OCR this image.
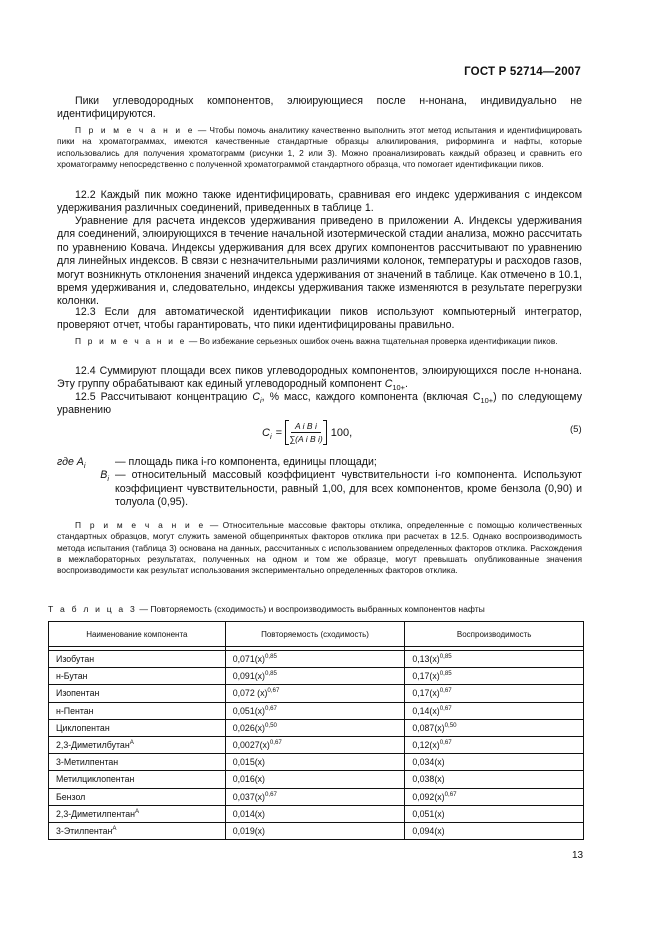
ГОСТ Р 52714—2007
Пики углеводородных компонентов, элюирующиеся после н-нонана, индивидуально не идентифицируются.
П р и м е ч а н и е — Чтобы помочь аналитику качественно выполнить этот метод испытания и идентифицировать пики на хроматограммах, имеются качественные стандартные образцы алкилирования, риформинга и нафты, которые использовались для получения хроматограмм (рисунки 1, 2 или 3). Можно проанализировать каждый образец и сравнить его хроматограмму непосредственно с полученной хроматограммой стандартного образца, что помогает идентификации пиков.
12.2 Каждый пик можно также идентифицировать, сравнивая его индекс удерживания с индексом удерживания различных соединений, приведенных в таблице 1.
Уравнение для расчета индексов удерживания приведено в приложении А. Индексы удерживания для соединений, элюирующихся в течение начальной изотермической стадии анализа, можно рассчитать по уравнению Ковача. Индексы удерживания для всех других компонентов рассчитывают по уравнению для линейных индексов. В связи с незначительными различиями колонок, температуры и расходов газов, могут возникнуть отклонения значений индекса удерживания от значений в таблице. Как отмечено в 10.1, время удерживания и, следовательно, индексы удерживания также изменяются в результате перегрузки колонки.
12.3 Если для автоматической идентификации пиков используют компьютерный интегратор, проверяют отчет, чтобы гарантировать, что пики идентифицированы правильно.
П р и м е ч а н и е — Во избежание серьезных ошибок очень важна тщательная проверка идентификации пиков.
12.4 Суммируют площади всех пиков углеводородных компонентов, элюирующихся после н-нонана. Эту группу обрабатывают как единый углеводородный компонент $C_{10+}$.
12.5 Рассчитывают концентрацию $C_i$, % масс, каждого компонента (включая $C_{10+}$) по следующему уравнению
$C_i = \frac{\text{A i B i}}{\text{∑(A i B i)}} 100$,	(5)
где $A_i$	— площадь пика i-го компонента, единицы площади;
$B_i$ — относительный массовый коэффициент чувствительности i-го компонента. Используют коэффициент чувствительности, равный 1,00, для всех компонентов, кроме бензола (0,90) и толуола (0,95).
П р и м е ч а н и е — Относительные массовые факторы отклика, определенные с помощью количественных стандартных образцов, могут служить заменой общепринятых факторов отклика при расчетах в 12.5. Однако воспроизводимость метода испытания (таблица 3) основана на данных, рассчитанных с использованием определенных факторов отклика. Расхождения в межлабораторных результатах, полученных на одном и том же образце, могут превышать опубликованные значения воспроизводимости как результат использования экспериментально определенных факторов отклика.
Т а б л и ц а 3 — Повторяемость (сходимость) и воспроизводимость выбранных компонентов нафты
Наименование компонента	Повторяемость (сходимость)	Воспроизводимость

Изобутан	$0,071(x)^{0,85}$	$0,13(x)^{0,85}$
н-Бутан	$0,091(x)^{0,85}$	$0,17(x)^{0,85}$
Изопентан	0,072 $(x)^{0,67}$	$0,17(x)^{0,67}$
н-Пентан	$0,051(x)^{0,67}$	$0,14(x)^{0,67}$
Циклопентан	$0,026(x)^{0,50}$	$0,087(x)^{0,50}$
2,3-Диметилбутан$^A$	$0,0027(x)^{0,67}$	$0,12(x)^{0,67}$
3-Метилпентан	0,015(x)	0,034(x)
Метилциклопентан	0,016(x)	0,038(x)
Бензол	$0,037(x)^{0,67}$	$0,092(x)^{0,67}$
2,3-Диметилпентан$^A$	0,014(x)	0,051(x)
3-Этилпентан$^A$	0,019(x)	0,094(x)
13
